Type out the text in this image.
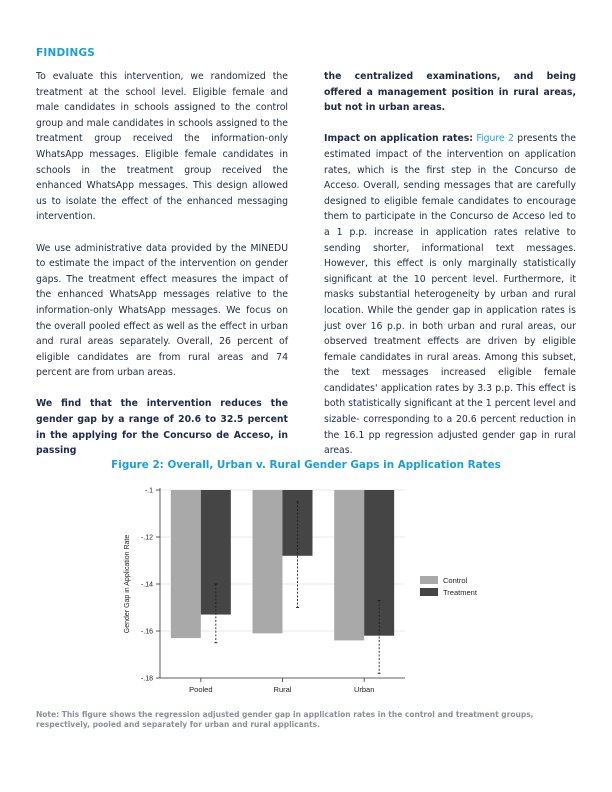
FINDINGS

To evaluate this intervention, we randomized the treatment at the school level. Eligible female and male candidates in schools assigned to the control group and male candidates in schools assigned to the treatment group received the information-only WhatsApp messages. Eligible female candidates in schools in the treatment group received the enhanced WhatsApp messages. This design allowed us to isolate the effect of the enhanced messaging intervention.

We use administrative data provided by the MINEDU to estimate the impact of the intervention on gender gaps. The treatment effect measures the impact of the enhanced WhatsApp messages relative to the information-only WhatsApp messages. We focus on the overall pooled effect as well as the effect in urban and rural areas separately. Overall, 26 percent of eligible candidates are from rural areas and 74 percent are from urban areas.

We find that the intervention reduces the gender gap by a range of 20.6 to 32.5 percent in the applying for the Concurso de Acceso, in passing

the centralized examinations, and being offered a management position in rural areas, but not in urban areas.

Impact on application rates: Figure 2 presents the estimated impact of the intervention on application rates, which is the first step in the Concurso de Acceso. Overall, sending messages that are carefully designed to eligible female candidates to encourage them to participate in the Concurso de Acceso led to a 1 p.p. increase in application rates relative to sending shorter, informational text messages. However, this effect is only marginally statistically significant at the 10 percent level. Furthermore, it masks substantial heterogeneity by urban and rural location. While the gender gap in application rates is just over 16 p.p. in both urban and rural areas, our observed treatment effects are driven by eligible female candidates in rural areas. Among this subset, the text messages increased eligible female candidates' application rates by 3.3 p.p. This effect is both statistically significant at the 1 percent level and sizable- corresponding to a 20.6 percent reduction in the 16.1 pp regression adjusted gender gap in rural areas.

Figure 2: Overall, Urban v. Rural Gender Gaps in Application Rates
-.1
-.12
-.14
-.16
-.18
Gender Gap in Application Rate
Pooled	Rural	Urban
Control
Treatment
Note: This figure shows the regression adjusted gender gap in application rates in the control and treatment groups, respectively, pooled and separately for urban and rural applicants.
